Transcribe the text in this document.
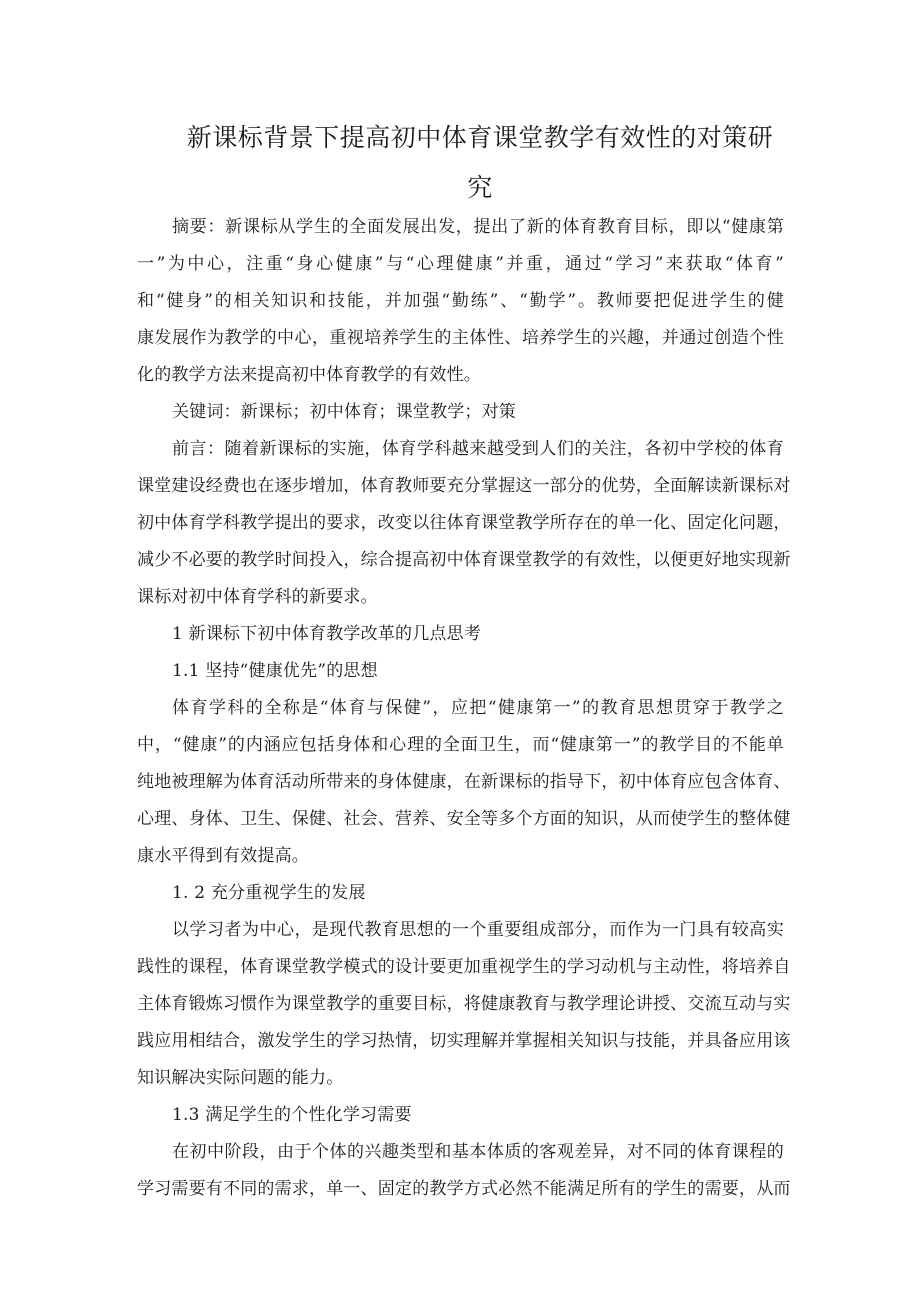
新课标背景下提高初中体育课堂教学有效性的对策研
究

摘要：新课标从学生的全面发展出发，提出了新的体育教育目标，即以“健康第

一”为中心，注重“身心健康”与“心理健康”并重，通过“学习”来获取“体育”

和“健身”的相关知识和技能，并加强“勤练”、“勤学”。教师要把促进学生的健

康发展作为教学的中心，重视培养学生的主体性、培养学生的兴趣，并通过创造个性

化的教学方法来提高初中体育教学的有效性。

关键词：新课标；初中体育；课堂教学；对策

前言：随着新课标的实施，体育学科越来越受到人们的关注，各初中学校的体育

课堂建设经费也在逐步增加，体育教师要充分掌握这一部分的优势，全面解读新课标对

初中体育学科教学提出的要求，改变以往体育课堂教学所存在的单一化、固定化问题，

减少不必要的教学时间投入，综合提高初中体育课堂教学的有效性，以便更好地实现新

课标对初中体育学科的新要求。

1 新课标下初中体育教学改革的几点思考

1.1 坚持“健康优先”的思想

体育学科的全称是“体育与保健”，应把“健康第一”的教育思想贯穿于教学之

中，“健康”的内涵应包括身体和心理的全面卫生，而“健康第一”的教学目的不能单

纯地被理解为体育活动所带来的身体健康，在新课标的指导下，初中体育应包含体育、

心理、身体、卫生、保健、社会、营养、安全等多个方面的知识，从而使学生的整体健

康水平得到有效提高。

1. 2 充分重视学生的发展

以学习者为中心，是现代教育思想的一个重要组成部分，而作为一门具有较高实

践性的课程，体育课堂教学模式的设计要更加重视学生的学习动机与主动性，将培养自

主体育锻炼习惯作为课堂教学的重要目标，将健康教育与教学理论讲授、交流互动与实

践应用相结合，激发学生的学习热情，切实理解并掌握相关知识与技能，并具备应用该

知识解决实际问题的能力。

1.3 满足学生的个性化学习需要

在初中阶段，由于个体的兴趣类型和基本体质的客观差异，对不同的体育课程的

学习需要有不同的需求，单一、固定的教学方式必然不能满足所有的学生的需要，从而
